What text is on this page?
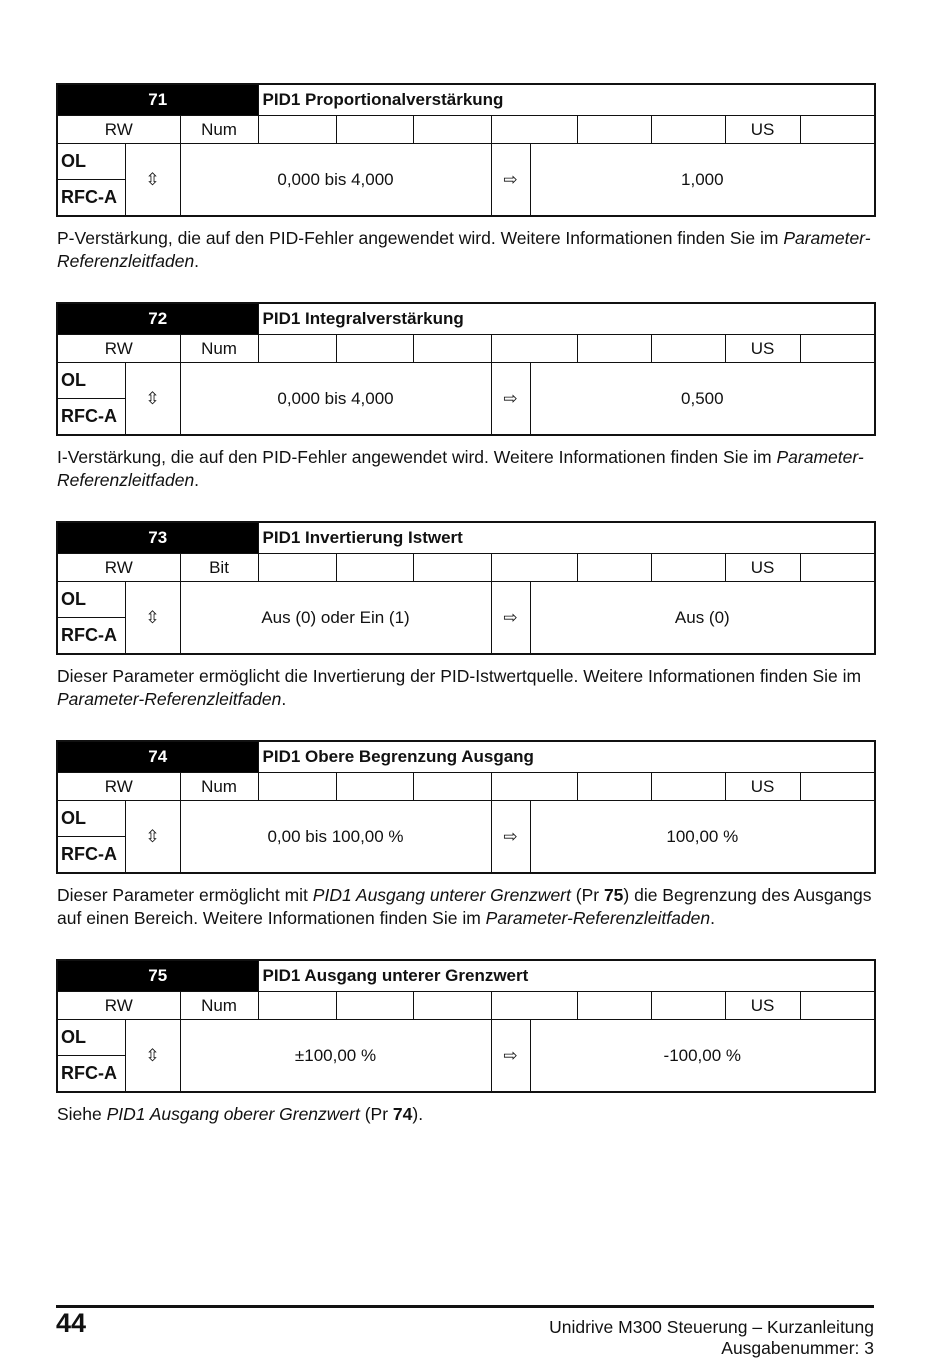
71			PID1 Proportionalverstärkung								
RW		Num								US	
OL	⇳	0,000 bis 4,000				⇨	1,000				
RFC-A											
P-Verstärkung, die auf den PID-Fehler angewendet wird. Weitere Informationen finden Sie im Parameter-Referenzleitfaden.
72			PID1 Integralverstärkung								
RW		Num								US	
OL	⇳	0,000 bis 4,000				⇨	0,500				
RFC-A											
I-Verstärkung, die auf den PID-Fehler angewendet wird. Weitere Informationen finden Sie im Parameter-Referenzleitfaden.
73			PID1 Invertierung Istwert								
RW		Bit								US	
OL	⇳	Aus (0) oder Ein (1)				⇨	Aus (0)				
RFC-A											
Dieser Parameter ermöglicht die Invertierung der PID-Istwertquelle. Weitere Informationen finden Sie im Parameter-Referenzleitfaden.
74			PID1 Obere Begrenzung Ausgang								
RW		Num								US	
OL	⇳	0,00 bis 100,00 %				⇨	100,00 %				
RFC-A											
Dieser Parameter ermöglicht mit PID1 Ausgang unterer Grenzwert (Pr 75) die Begrenzung des Ausgangs auf einen Bereich. Weitere Informationen finden Sie im Parameter-Referenzleitfaden.
75			PID1 Ausgang unterer Grenzwert								
RW		Num								US	
OL	⇳	±100,00 %				⇨	-100,00 %				
RFC-A											
Siehe PID1 Ausgang oberer Grenzwert (Pr 74).
44	Unidrive M300 Steuerung – Kurzanleitung
Ausgabenummer: 3
